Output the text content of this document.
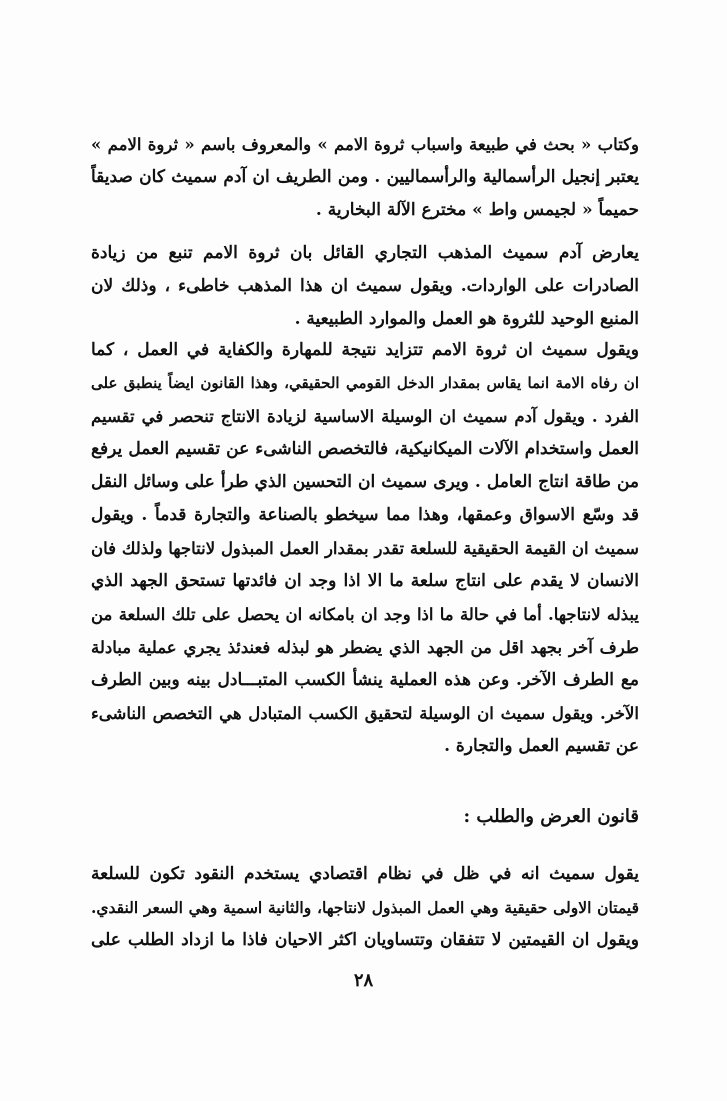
وكتاب « بحث في طبيعة واسباب ثروة الامم » والمعروف باسم « ثروة الامم »
يعتبر إنجيل الرأسمالية والرأسماليين . ومن الطريف ان آدم سميث كان صديقاً
حميماً « لجيمس واط » مخترع الآلة البخارية .
يعارض آدم سميث المذهب التجاري القائل بان ثروة الامم تنبع من زيادة
الصادرات على الواردات. ويقول سميث ان هذا المذهب خاطىء ، وذلك لان
المنبع الوحيد للثروة هو العمل والموارد الطبيعية .
ويقول سميث ان ثروة الامم تتزايد نتيجة للمهارة والكفاية في العمل ، كما
ان رفاه الامة انما يقاس بمقدار الدخل القومي الحقيقي، وهذا القانون ايضاً ينطبق على
الفرد . ويقول آدم سميث ان الوسيلة الاساسية لزيادة الانتاج تنحصر في تقسيم
العمل واستخدام الآلات الميكانيكية، فالتخصص الناشىء عن تقسيم العمل يرفع
من طاقة انتاج العامل . ويرى سميث ان التحسين الذي طرأ على وسائل النقل
قد وسّع الاسواق وعمقها، وهذا مما سيخطو بالصناعة والتجارة قدماً . ويقول
سميث ان القيمة الحقيقية للسلعة تقدر بمقدار العمل المبذول لانتاجها ولذلك فان
الانسان لا يقدم على انتاج سلعة ما الا اذا وجد ان فائدتها تستحق الجهد الذي
يبذله لانتاجها. أما في حالة ما اذا وجد ان بامكانه ان يحصل على تلك السلعة من
طرف آخر بجهد اقل من الجهد الذي يضطر هو لبذله فعندئذ يجري عملية مبادلة
مع الطرف الآخر. وعن هذه العملية ينشأ الكسب المتبـــادل بينه وبين الطرف
الآخر. ويقول سميث ان الوسيلة لتحقيق الكسب المتبادل هي التخصص الناشىء
عن تقسيم العمل والتجارة .
قانون العرض والطلب :
يقول سميث انه في ظل في نظام اقتصادي يستخدم النقود تكون للسلعة
قيمتان الاولى حقيقية وهي العمل المبذول لانتاجها، والثانية اسمية وهي السعر النقدي.
ويقول ان القيمتين لا تتفقان وتتساويان اكثر الاحيان فاذا ما ازداد الطلب على
٢٨
